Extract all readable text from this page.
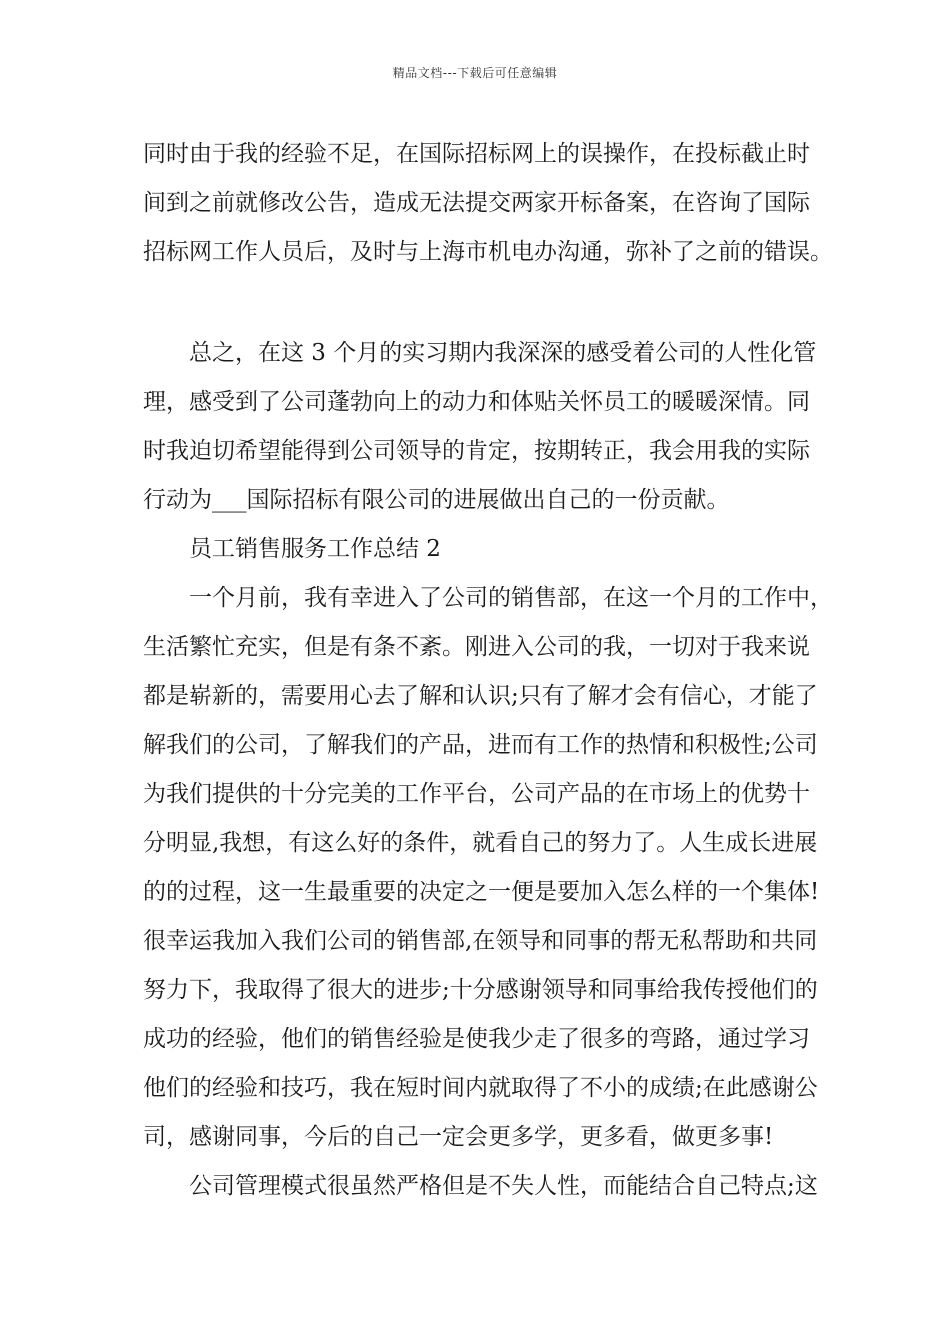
精品文档---下载后可任意编辑
同时由于我的经验不足，在国际招标网上的误操作，在投标截止时
间到之前就修改公告，造成无法提交两家开标备案，在咨询了国际
招标网工作人员后，及时与上海市机电办沟通，弥补了之前的错误。
总之，在这 3 个月的实习期内我深深的感受着公司的人性化管
理，感受到了公司蓬勃向上的动力和体贴关怀员工的暖暖深情。同
时我迫切希望能得到公司领导的肯定，按期转正，我会用我的实际
行动为___国际招标有限公司的进展做出自己的一份贡献。
员工销售服务工作总结 2
一个月前，我有幸进入了公司的销售部，在这一个月的工作中，
生活繁忙充实，但是有条不紊。刚进入公司的我，一切对于我来说
都是崭新的，需要用心去了解和认识;只有了解才会有信心，才能了
解我们的公司，了解我们的产品，进而有工作的热情和积极性;公司
为我们提供的十分完美的工作平台，公司产品的在市场上的优势十
分明显,我想，有这么好的条件，就看自己的努力了。人生成长进展
的的过程，这一生最重要的决定之一便是要加入怎么样的一个集体!
很幸运我加入我们公司的销售部,在领导和同事的帮无私帮助和共同
努力下，我取得了很大的进步;十分感谢领导和同事给我传授他们的
成功的经验，他们的销售经验是使我少走了很多的弯路，通过学习
他们的经验和技巧，我在短时间内就取得了不小的成绩;在此感谢公
司，感谢同事，今后的自己一定会更多学，更多看，做更多事!
公司管理模式很虽然严格但是不失人性，而能结合自己特点;这
